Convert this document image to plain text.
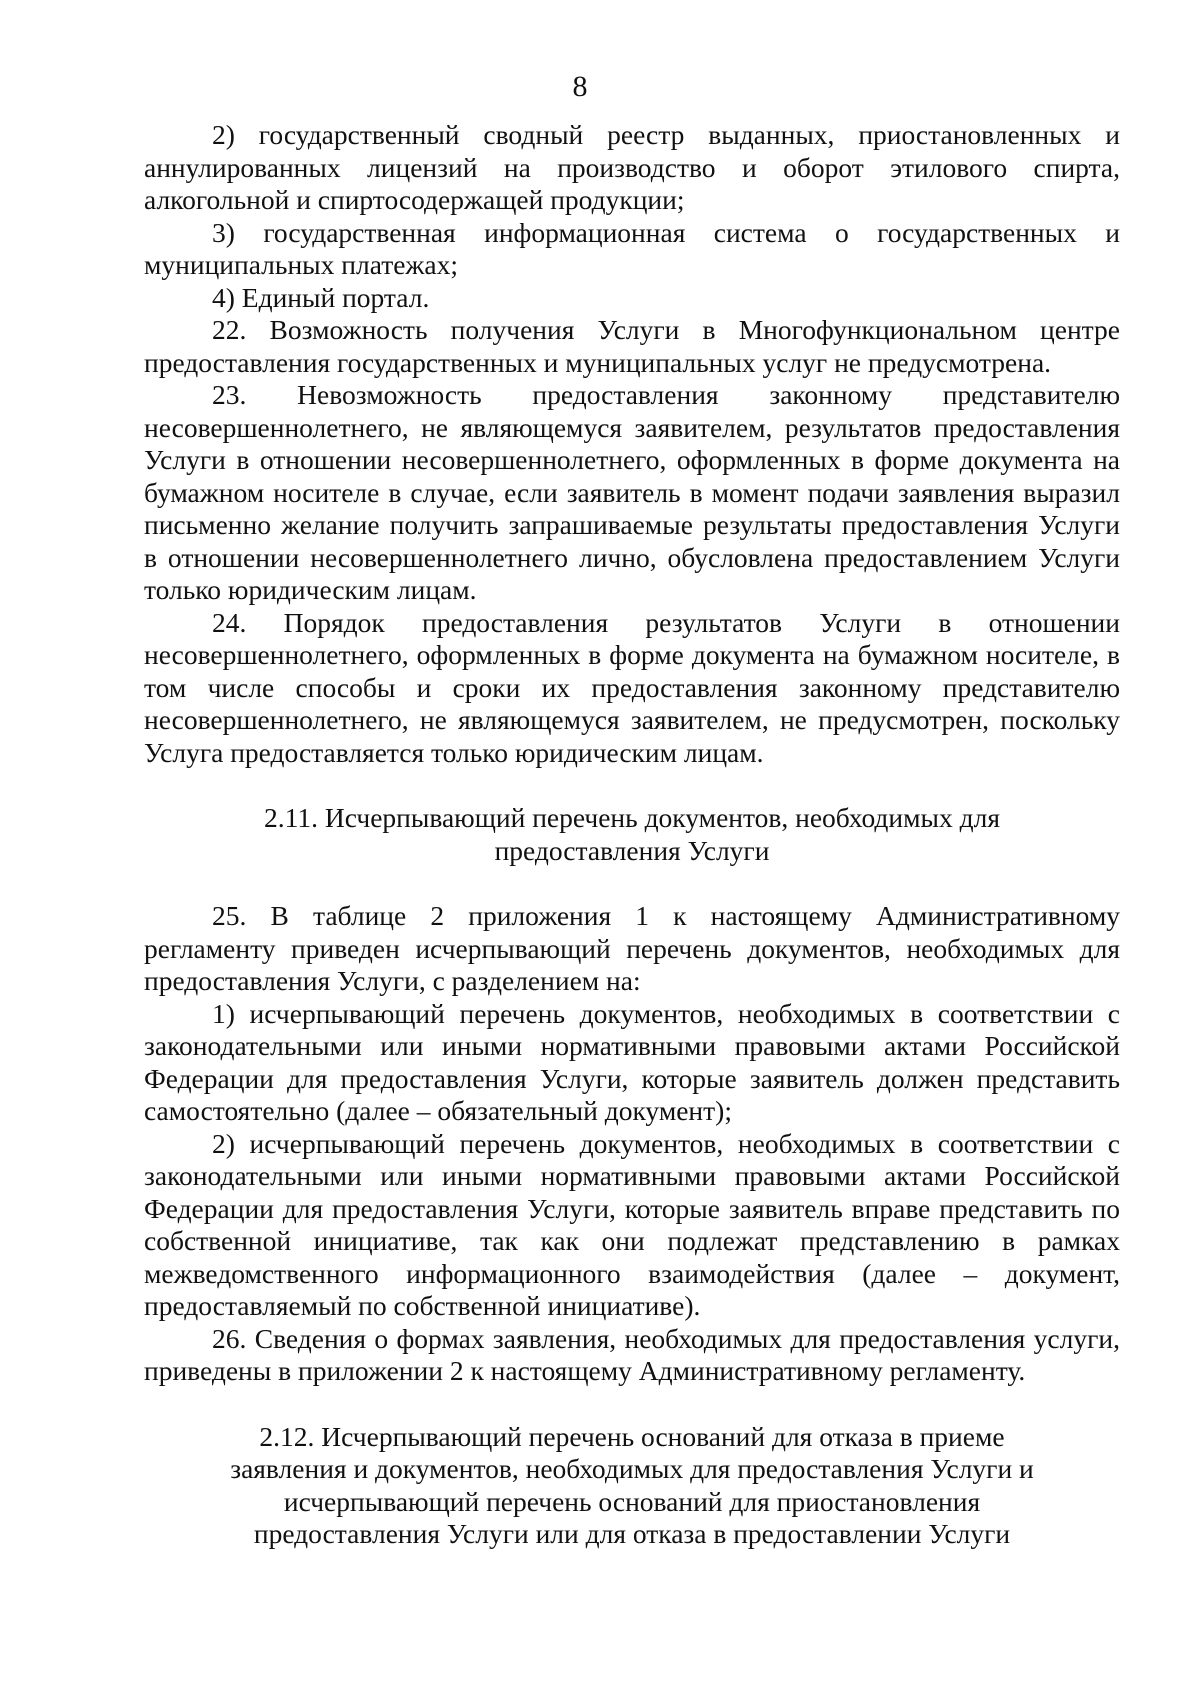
8

2) государственный сводный реестр выданных, приостановленных и аннулированных лицензий на производство и оборот этилового спирта, алкогольной и спиртосодержащей продукции;

3) государственная информационная система о государственных и муниципальных платежах;

4) Единый портал.

22. Возможность получения Услуги в Многофункциональном центре предоставления государственных и муниципальных услуг не предусмотрена.

23. Невозможность предоставления законному представителю несовершеннолетнего, не являющемуся заявителем, результатов предоставления Услуги в отношении несовершеннолетнего, оформленных в форме документа на бумажном носителе в случае, если заявитель в момент подачи заявления выразил письменно желание получить запрашиваемые результаты предоставления Услуги в отношении несовершеннолетнего лично, обусловлена предоставлением Услуги только юридическим лицам.

24. Порядок предоставления результатов Услуги в отношении несовершеннолетнего, оформленных в форме документа на бумажном носителе, в том числе способы и сроки их предоставления законному представителю несовершеннолетнего, не являющемуся заявителем, не предусмотрен, поскольку Услуга предоставляется только юридическим лицам.

2.11. Исчерпывающий перечень документов, необходимых для предоставления Услуги

25. В таблице 2 приложения 1 к настоящему Административному регламенту приведен исчерпывающий перечень документов, необходимых для предоставления Услуги, с разделением на:

1) исчерпывающий перечень документов, необходимых в соответствии с законодательными или иными нормативными правовыми актами Российской Федерации для предоставления Услуги, которые заявитель должен представить самостоятельно (далее – обязательный документ);

2) исчерпывающий перечень документов, необходимых в соответствии с законодательными или иными нормативными правовыми актами Российской Федерации для предоставления Услуги, которые заявитель вправе представить по собственной инициативе, так как они подлежат представлению в рамках межведомственного информационного взаимодействия (далее – документ, предоставляемый по собственной инициативе).

26. Сведения о формах заявления, необходимых для предоставления услуги, приведены в приложении 2 к настоящему Административному регламенту.

2.12. Исчерпывающий перечень оснований для отказа в приеме заявления и документов, необходимых для предоставления Услуги и исчерпывающий перечень оснований для приостановления предоставления Услуги или для отказа в предоставлении Услуги
